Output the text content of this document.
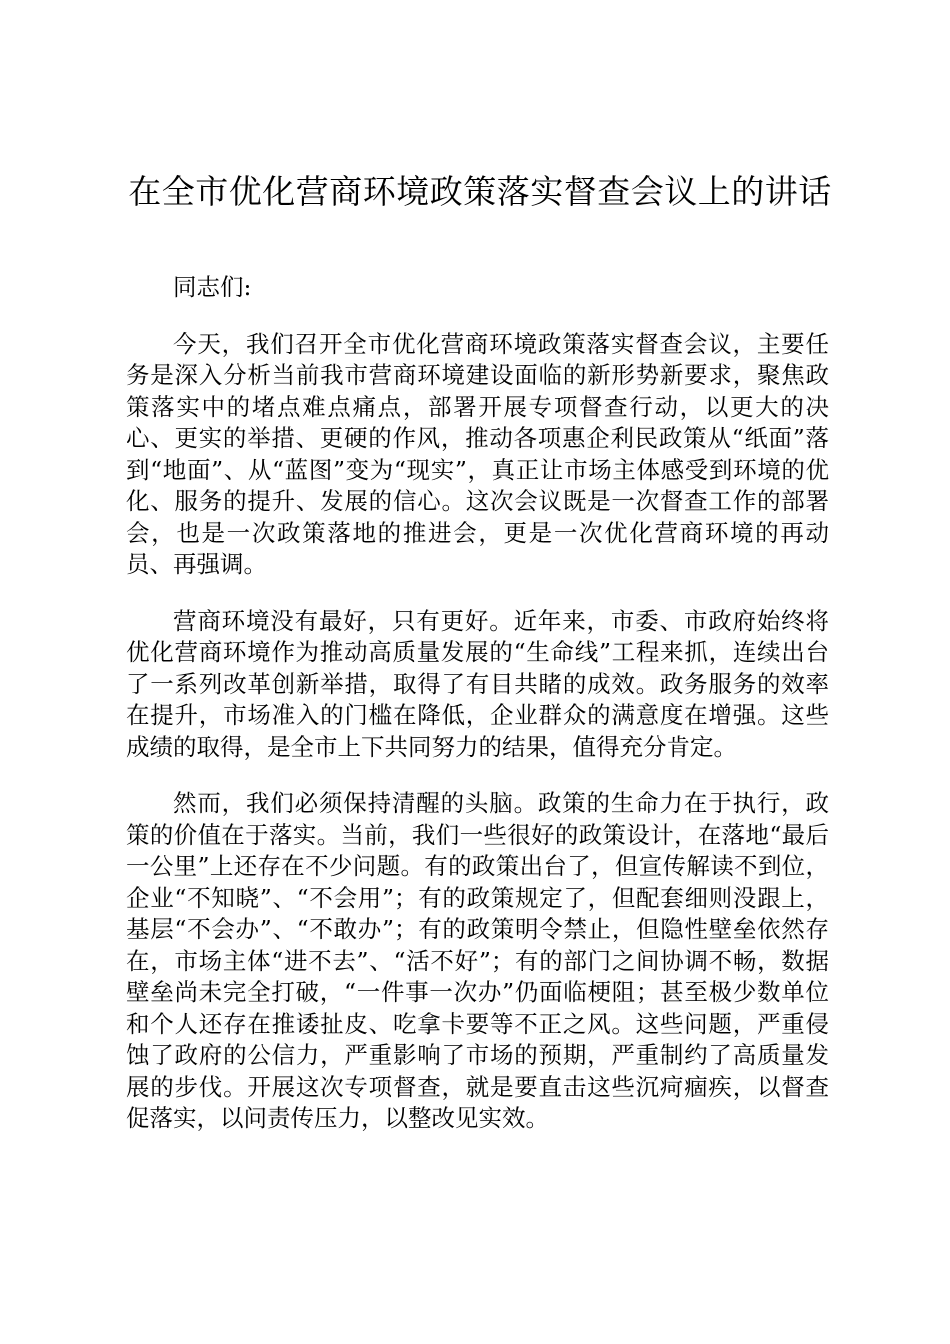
在全市优化营商环境政策落实督查会议上的讲话

同志们:

今天，我们召开全市优化营商环境政策落实督查会议，主要任务是深入分析当前我市营商环境建设面临的新形势新要求，聚焦政策落实中的堵点难点痛点，部署开展专项督查行动，以更大的决心、更实的举措、更硬的作风，推动各项惠企利民政策从“纸面”落到“地面”、从“蓝图”变为“现实”，真正让市场主体感受到环境的优化、服务的提升、发展的信心。这次会议既是一次督查工作的部署会，也是一次政策落地的推进会，更是一次优化营商环境的再动员、再强调。

营商环境没有最好，只有更好。近年来，市委、市政府始终将优化营商环境作为推动高质量发展的“生命线”工程来抓，连续出台了一系列改革创新举措，取得了有目共睹的成效。政务服务的效率在提升，市场准入的门槛在降低，企业群众的满意度在增强。这些成绩的取得，是全市上下共同努力的结果，值得充分肯定。

然而，我们必须保持清醒的头脑。政策的生命力在于执行，政策的价值在于落实。当前，我们一些很好的政策设计，在落地“最后一公里”上还存在不少问题。有的政策出台了，但宣传解读不到位，企业“不知晓”、“不会用”；有的政策规定了，但配套细则没跟上，基层“不会办”、“不敢办”；有的政策明令禁止，但隐性壁垒依然存在，市场主体“进不去”、“活不好”；有的部门之间协调不畅，数据壁垒尚未完全打破，“一件事一次办”仍面临梗阻；甚至极少数单位和个人还存在推诿扯皮、吃拿卡要等不正之风。这些问题，严重侵蚀了政府的公信力，严重影响了市场的预期，严重制约了高质量发展的步伐。开展这次专项督查，就是要直击这些沉疴痼疾，以督查促落实，以问责传压力，以整改见实效。
